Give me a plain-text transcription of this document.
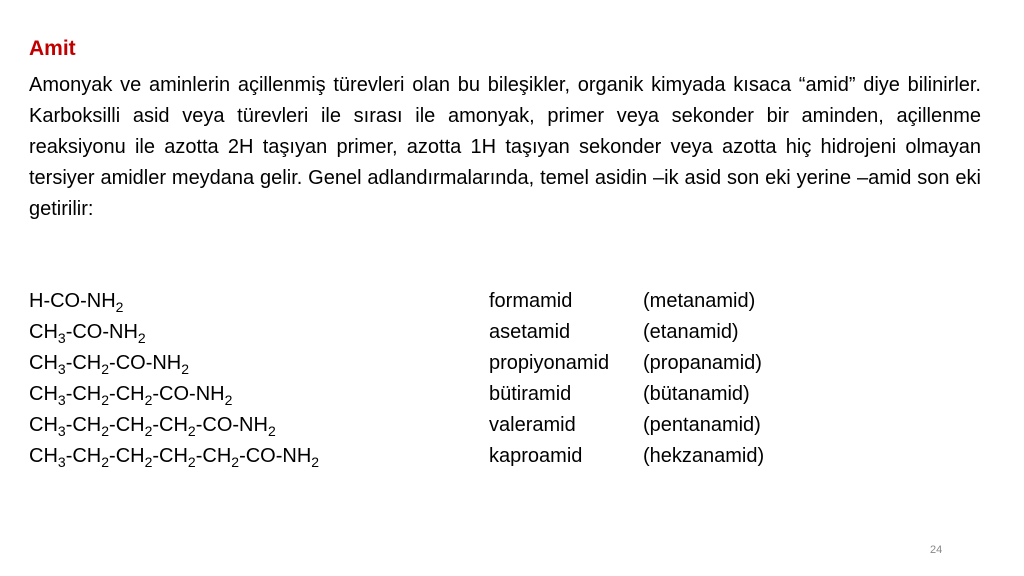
Amit

Amonyak ve aminlerin açillenmiş türevleri olan bu bileşikler, organik kimyada kısaca “amid” diye bilinirler. Karboksilli asid veya türevleri ile sırası ile amonyak, primer veya sekonder bir aminden, açillenme reaksiyonu ile azotta 2H taşıyan primer, azotta 1H taşıyan sekonder veya azotta hiç hidrojeni olmayan tersiyer amidler meydana gelir. Genel adlandırmalarında, temel asidin –ik asid son eki yerine –amid son eki getirilir:

$H-CO-NH_2$	formamid	(metanamid)
$CH_3-CO-NH_2$	asetamid	(etanamid)
$CH_3-CH_2-CO-NH_2$	propiyonamid (propanamid)
$CH_3-CH_2-CH_2-CO-NH_2$	bütiramid	(bütanamid)
$CH_3-CH_2-CH_2-CH_2-CO-NH_2$	valeramid	(pentanamid)
$CH_3-CH_2-CH_2-CH_2-CH_2-CO-NH_2$	kaproamid	(hekzanamid)
24
